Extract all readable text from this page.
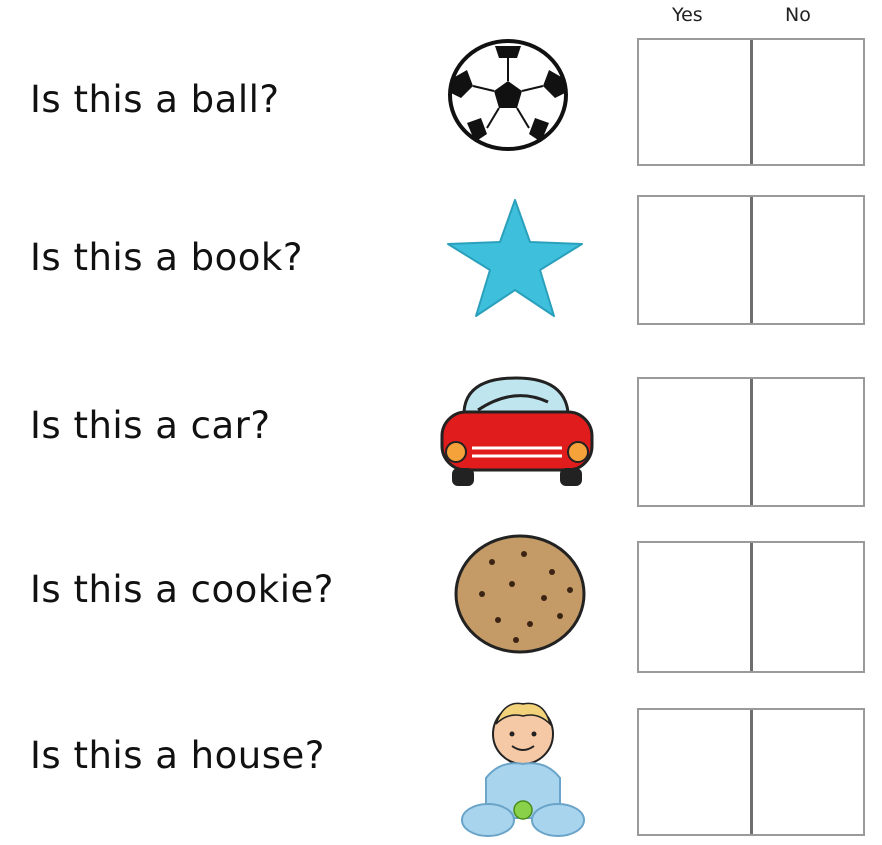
Yes	No
Is this a ball?
Is this a book?
Is this a car?
Is this a cookie?
Is this a house?
